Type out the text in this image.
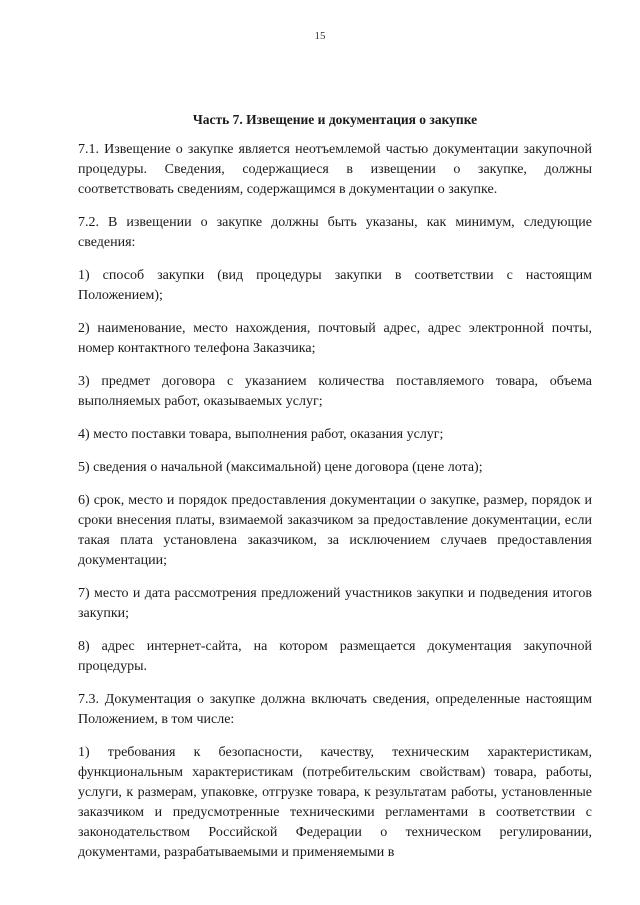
15
Часть 7. Извещение и документация о закупке

7.1. Извещение о закупке является неотъемлемой частью документации закупочной процедуры. Сведения, содержащиеся в извещении о закупке, должны соответствовать сведениям, содержащимся в документации о закупке.

7.2. В извещении о закупке должны быть указаны, как минимум, следующие сведения:

1) способ закупки (вид процедуры закупки в соответствии с настоящим Положением);

2) наименование, место нахождения, почтовый адрес, адрес электронной почты, номер контактного телефона Заказчика;

3) предмет договора с указанием количества поставляемого товара, объема выполняемых работ, оказываемых услуг;

4) место поставки товара, выполнения работ, оказания услуг;

5) сведения о начальной (максимальной) цене договора (цене лота);

6) срок, место и порядок предоставления документации о закупке, размер, порядок и сроки внесения платы, взимаемой заказчиком за предоставление документации, если такая плата установлена заказчиком, за исключением случаев предоставления документации;

7) место и дата рассмотрения предложений участников закупки и подведения итогов закупки;

8) адрес интернет-сайта, на котором размещается документация закупочной процедуры.

7.3. Документация о закупке должна включать сведения, определенные настоящим Положением, в том числе:

1) требования к безопасности, качеству, техническим характеристикам, функциональным характеристикам (потребительским свойствам) товара, работы, услуги, к размерам, упаковке, отгрузке товара, к результатам работы, установленные заказчиком и предусмотренные техническими регламентами в соответствии с законодательством Российской Федерации о техническом регулировании, документами, разрабатываемыми и применяемыми в
